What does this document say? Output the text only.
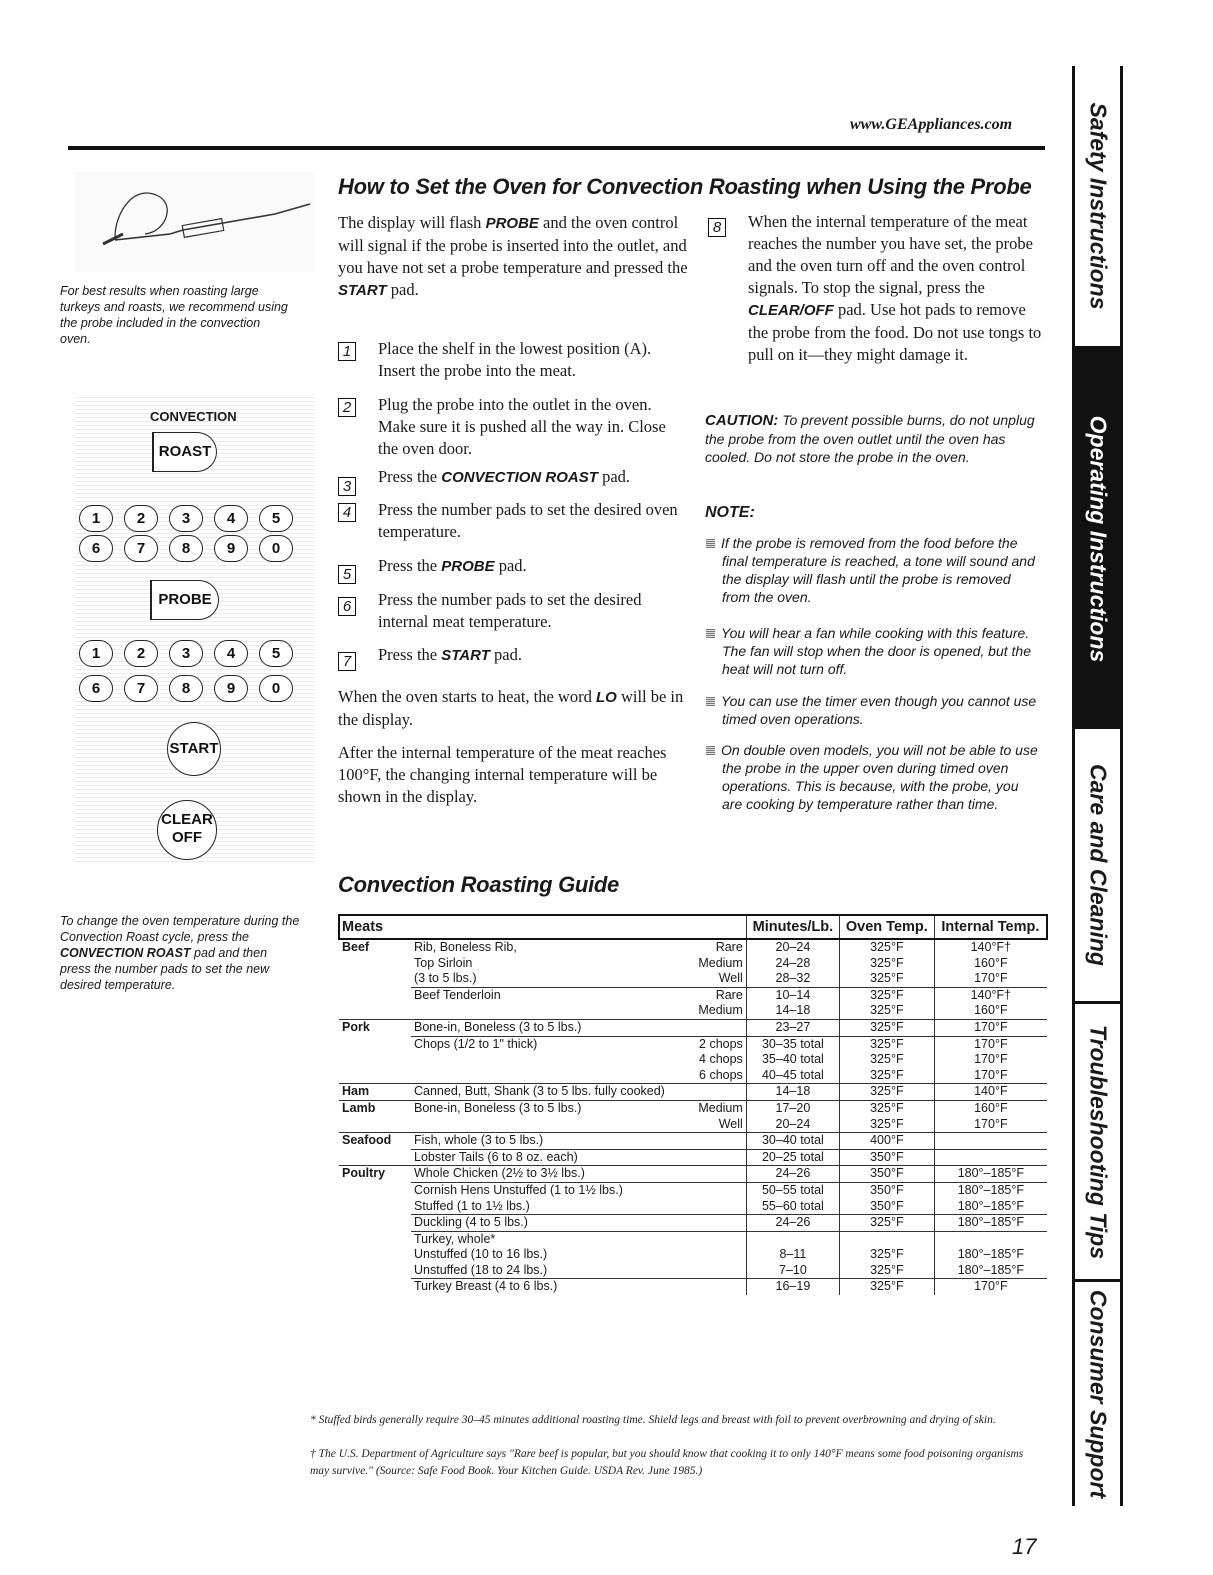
www.GEAppliances.com	Safety Instructions
Operating Instructions
Care and Cleaning
Troubleshooting Tips
Consumer Support
For best results when roasting large turkeys and roasts, we recommend using the probe included in the convection oven.
CONVECTION
ROAST
1	2	3	4	5
6	7	8	9	0
PROBE
1	2	3	4	5
6	7	8	9	0
START
CLEAR
OFF
To change the oven temperature during the Convection Roast cycle, press the CONVECTION ROAST pad and then press the number pads to set the new desired temperature.
How to Set the Oven for Convection Roasting when Using the Probe
The display will flash PROBE and the oven control will signal if the probe is inserted into the outlet, and you have not set a probe temperature and pressed the START pad.
1 Place the shelf in the lowest position (A). Insert the probe into the meat.
2 Plug the probe into the outlet in the oven. Make sure it is pushed all the way in. Close the oven door.
3
Press the CONVECTION ROAST pad.
4 Press the number pads to set the desired oven temperature.
5 Press the PROBE pad.
6 Press the number pads to set the desired internal meat temperature.
7 Press the START pad.
When the oven starts to heat, the word LO will be in the display.
After the internal temperature of the meat reaches 100°F, the changing internal temperature will be shown in the display.
8 When the internal temperature of the meat reaches the number you have set, the probe and the oven turn off and the oven control signals. To stop the signal, press the CLEAR/OFF pad. Use hot pads to remove the probe from the food. Do not use tongs to pull on it—they might damage it.
CAUTION: To prevent possible burns, do not unplug the probe from the oven outlet until the oven has cooled. Do not store the probe in the oven.
NOTE:
If the probe is removed from the food before the final temperature is reached, a tone will sound and the display will flash until the probe is removed from the oven.
You will hear a fan while cooking with this feature. The fan will stop when the door is opened, but the heat will not turn off.
You can use the timer even though you cannot use timed oven operations.
On double oven models, you will not be able to use the probe in the upper oven during timed oven operations. This is because, with the probe, you are cooking by temperature rather than time.
Convection Roasting Guide
Meats			Minutes/Lb.	Oven Temp.	Internal Temp.
Beef	Rib, Boneless Rib,	Rare	20–24	325°F	140°F†
	Top Sirloin	Medium	24–28	325°F	160°F
	(3 to 5 lbs.)	Well	28–32	325°F	170°F
	Beef Tenderloin	Rare	10–14	325°F	140°F†
		Medium	14–18	325°F	160°F
Pork	Bone-in, Boneless (3 to 5 lbs.)		23–27	325°F	170°F
	Chops (1/2 to 1" thick)	2 chops	30–35 total	325°F	170°F
		4 chops	35–40 total	325°F	170°F
		6 chops	40–45 total	325°F	170°F
Ham	Canned, Butt, Shank (3 to 5 lbs. fully cooked)		14–18	325°F	140°F
Lamb	Bone-in, Boneless (3 to 5 lbs.)	Medium	17–20	325°F	160°F
		Well	20–24	325°F	170°F
Seafood	Fish, whole (3 to 5 lbs.)		30–40 total	400°F	
	Lobster Tails (6 to 8 oz. each)		20–25 total	350°F	
Poultry	Whole Chicken (2½ to 3½ lbs.)		24–26	350°F	180°–185°F
	Cornish Hens Unstuffed (1 to 1½ lbs.)		50–55 total	350°F	180°–185°F
	Stuffed (1 to 1½ lbs.)		55–60 total	350°F	180°–185°F
	Duckling (4 to 5 lbs.)		24–26	325°F	180°–185°F
	Turkey, whole*				
	Unstuffed (10 to 16 lbs.)		8–11	325°F	180°–185°F
	Unstuffed (18 to 24 lbs.)		7–10	325°F	180°–185°F
	Turkey Breast (4 to 6 lbs.)		16–19	325°F	170°F
* Stuffed birds generally require 30–45 minutes additional roasting time. Shield legs and breast with foil to prevent overbrowning and drying of skin.
† The U.S. Department of Agriculture says "Rare beef is popular, but you should know that cooking it to only 140°F means some food poisoning organisms may survive." (Source: Safe Food Book. Your Kitchen Guide. USDA Rev. June 1985.)
17
